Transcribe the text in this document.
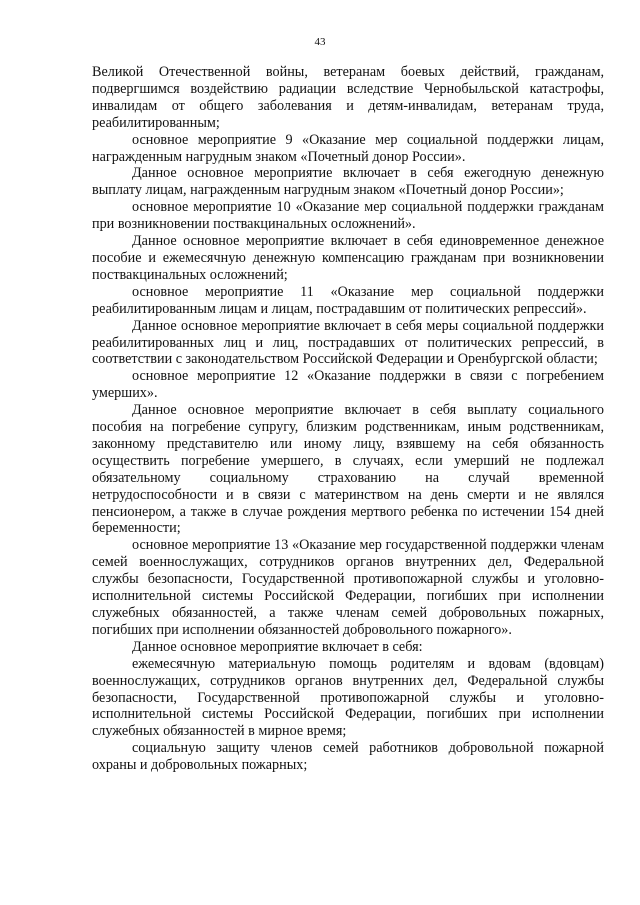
43

Великой Отечественной войны, ветеранам боевых действий, гражданам, подвергшимся воздействию радиации вследствие Чернобыльской катастрофы, инвалидам от общего заболевания и детям-инвалидам, ветеранам труда, реабилитированным;

основное мероприятие 9 «Оказание мер социальной поддержки лицам, награжденным нагрудным знаком «Почетный донор России».

Данное основное мероприятие включает в себя ежегодную денежную выплату лицам, награжденным нагрудным знаком «Почетный донор России»;

основное мероприятие 10 «Оказание мер социальной поддержки гражданам при возникновении поствакцинальных осложнений».

Данное основное мероприятие включает в себя единовременное денежное пособие и ежемесячную денежную компенсацию гражданам при возникновении поствакцинальных осложнений;

основное мероприятие 11 «Оказание мер социальной поддержки реабилитированным лицам и лицам, пострадавшим от политических репрессий».

Данное основное мероприятие включает в себя меры социальной поддержки реабилитированных лиц и лиц, пострадавших от политических репрессий, в соответствии с законодательством Российской Федерации и Оренбургской области;

основное мероприятие 12 «Оказание поддержки в связи с погребением умерших».

Данное основное мероприятие включает в себя выплату социального пособия на погребение супругу, близким родственникам, иным родственникам, законному представителю или иному лицу, взявшему на себя обязанность осуществить погребение умершего, в случаях, если умерший не подлежал обязательному социальному страхованию на случай временной нетрудоспособности и в связи с материнством на день смерти и не являлся пенсионером, а также в случае рождения мертвого ребенка по истечении 154 дней беременности;

основное мероприятие 13 «Оказание мер государственной поддержки членам семей военнослужащих, сотрудников органов внутренних дел, Федеральной службы безопасности, Государственной противопожарной службы и уголовно-исполнительной системы Российской Федерации, погибших при исполнении служебных обязанностей, а также членам семей добровольных пожарных, погибших при исполнении обязанностей добровольного пожарного».

Данное основное мероприятие включает в себя:

ежемесячную материальную помощь родителям и вдовам (вдовцам) военнослужащих, сотрудников органов внутренних дел, Федеральной службы безопасности, Государственной противопожарной службы и уголовно-исполнительной системы Российской Федерации, погибших при исполнении служебных обязанностей в мирное время;

социальную защиту членов семей работников добровольной пожарной охраны и добровольных пожарных;
